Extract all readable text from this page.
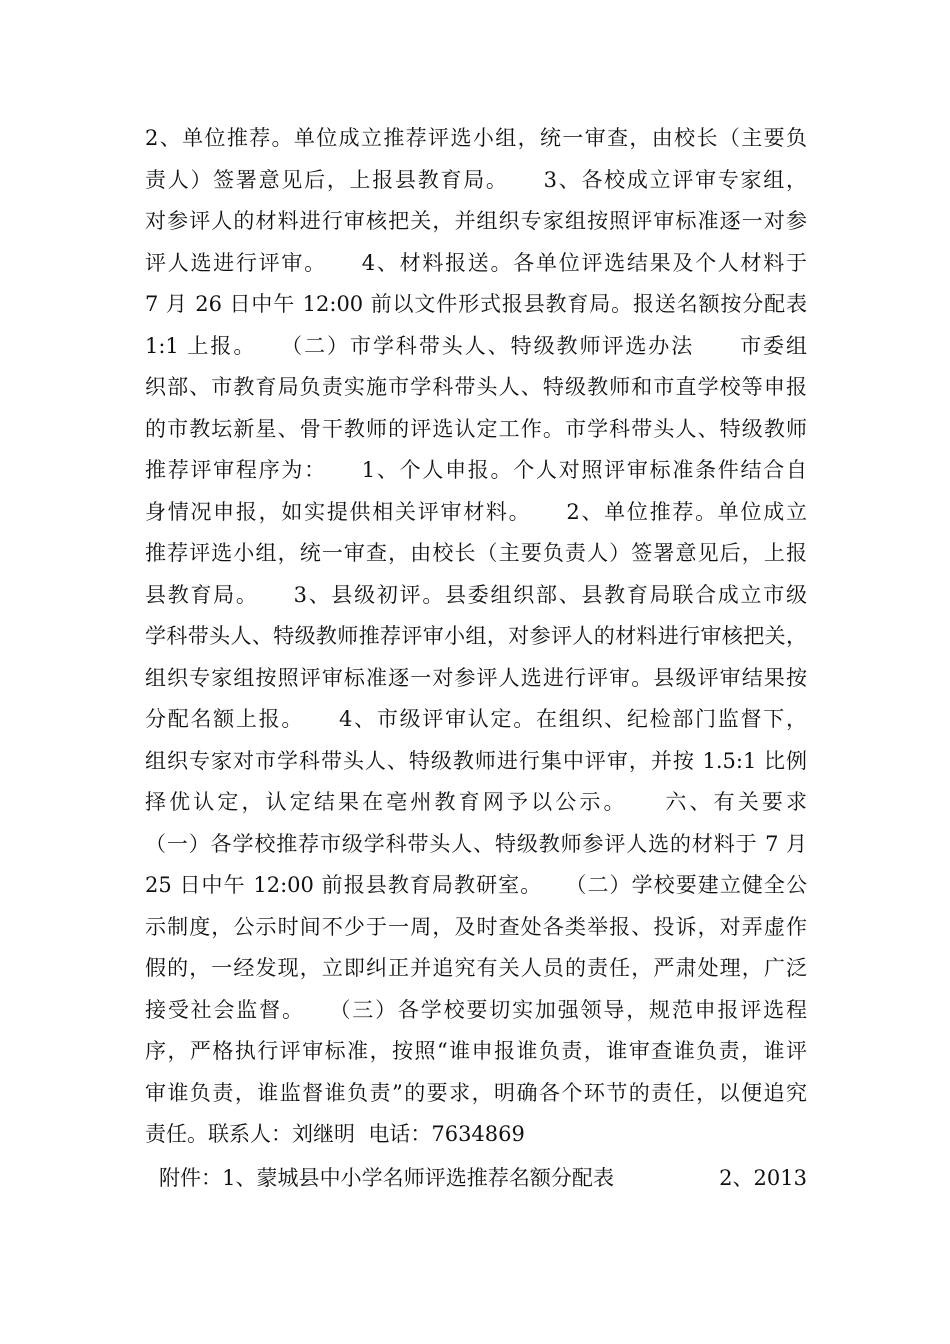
2、单位推荐。单位成立推荐评选小组，统一审查，由校长（主要负
责人）签署意见后，上报县教育局。　　3、各校成立评审专家组，
对参评人的材料进行审核把关，并组织专家组按照评审标准逐一对参
评人选进行评审。　　4、材料报送。各单位评选结果及个人材料于
7 月 26 日中午 12:00 前以文件形式报县教育局。报送名额按分配表
1:1 上报。　　（二）市学科带头人、特级教师评选办法　　市委组
织部、市教育局负责实施市学科带头人、特级教师和市直学校等申报
的市教坛新星、骨干教师的评选认定工作。市学科带头人、特级教师
推荐评审程序为：　　1、个人申报。个人对照评审标准条件结合自
身情况申报，如实提供相关评审材料。　　2、单位推荐。单位成立
推荐评选小组，统一审查，由校长（主要负责人）签署意见后，上报
县教育局。　　3、县级初评。县委组织部、县教育局联合成立市级
学科带头人、特级教师推荐评审小组，对参评人的材料进行审核把关，
组织专家组按照评审标准逐一对参评人选进行评审。县级评审结果按
分配名额上报。　　4、市级评审认定。在组织、纪检部门监督下，
组织专家对市学科带头人、特级教师进行集中评审，并按 1.5:1 比例
择优认定，认定结果在亳州教育网予以公示。　　六、有关要求
（一）各学校推荐市级学科带头人、特级教师参评人选的材料于 7 月
25 日中午 12:00 前报县教育局教研室。　　（二）学校要建立健全公
示制度，公示时间不少于一周，及时查处各类举报、投诉，对弄虚作
假的，一经发现，立即纠正并追究有关人员的责任，严肃处理，广泛
接受社会监督。　　（三）各学校要切实加强领导，规范申报评选程
序，严格执行评审标准，按照“谁申报谁负责，谁审查谁负责，谁评
审谁负责，谁监督谁负责”的要求，明确各个环节的责任，以便追究
责任。联系人：刘继明  电话：7634869
附件：1、蒙城县中小学名师评选推荐名额分配表　　　　　2、2013
